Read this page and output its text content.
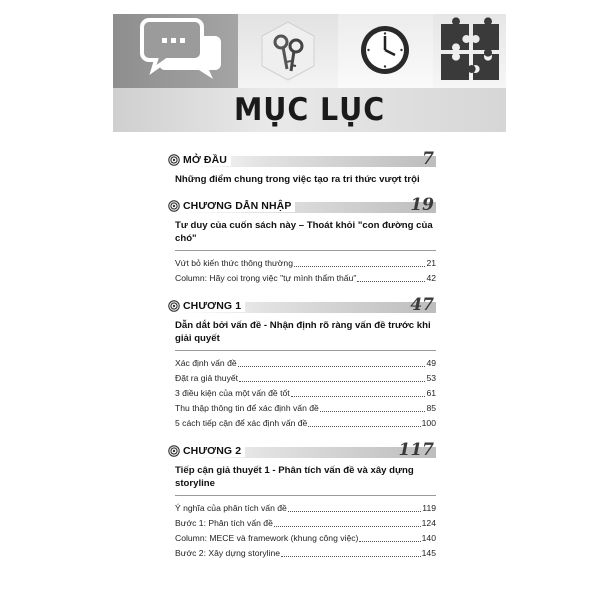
MỤC LỤC
MỞ ĐẦU	7
Những điểm chung trong việc tạo ra tri thức vượt trội
CHƯƠNG DẪN NHẬP	19
Tư duy của cuốn sách này – Thoát khỏi "con đường của chó"
Vứt bỏ kiến thức thông thường	21
Column: Hãy coi trọng việc "tự mình thẩm thấu"	42
CHƯƠNG 1	47
Dẫn dắt bởi vấn đề - Nhận định rõ ràng vấn đề trước khi giải quyết
Xác định vấn đề	49
Đặt ra giả thuyết	53
3 điều kiện của một vấn đề tốt	61
Thu thập thông tin để xác định vấn đề	85
5 cách tiếp cận để xác định vấn đề	100
CHƯƠNG 2	117
Tiếp cận giả thuyết 1 - Phân tích vấn đề và xây dựng storyline
Ý nghĩa của phân tích vấn đề	119
Bước 1: Phân tích vấn đề	124
Column: MECE và framework (khung công việc)	140
Bước 2: Xây dựng storyline	145
